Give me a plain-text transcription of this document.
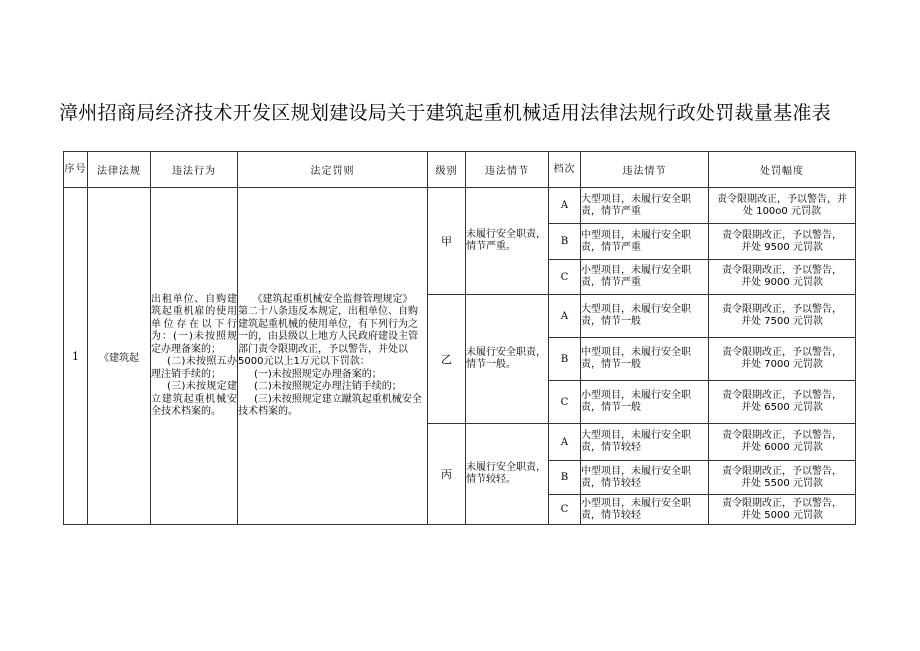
漳州招商局经济技术开发区规划建设局关于建筑起重机械适用法律法规行政处罚裁量基准表
序号	法律法规	违法行为	法定罚则	级别	违法情节	档次	违法情节	处罚幅度
1	《建筑起	出租单位、自购建筑起重机雇的使用单位存在以下行为：(一)未按照规定办理备案的；
(二)未按照五办理注销手续的；
(三)未按规定建立建筑起重机械安全技术档案的。	《建筑起重机械安全监督管理规定》
第二十八条违反本规定，出租单位、自购建筑起重机械的使用单位，有下列行为之一的，由县级以上地方人民政府建设主管部门责令限期改正，予以警告，并处以5000元以上1万元以下罚款：
(一)未按照规定办理备案的；
(二)未按照规定办理注销手续的；
(三)未按照规定建立蹴筑起重机械安全技术档案的。	甲	未履行安全职责，情节严重。	A	大型项目，未履行安全职
责，情节严重	责令限期改正，予以警告，并
处 100o0 元罚款

						B	中型项目，未履行安全职
责，情节严重	责令限期改正，予以警告，
并处 9500 元罚款

						C	小型项目，未履行安全职
责，情节严重	责令限期改正，予以警告，
并处 9000 元罚款

				乙	未履行安全职责，情节一般。	A	大型项目，未履行安全职
责，情节一般	责令限期改正，予以警告，
并处 7500 元罚款

						B	中型项目，未履行安全职
责，情节一般	责令限期改正，予以警告，
并处 7000 元罚款

						C	小型项目，未履行安全职
责，情节一般	责令限期改正，予以警告，
并处 6500 元罚款

				丙	未履行安全职责，情节较轻。	A	大型项目，未履行安全职
责，情节较轻	责令限期改正，予以警告，
并处 6000 元罚款

						B	中型项目，未履行安全职
责，情节较轻	责令限期改正，予以警告，
并处 5500 元罚款

						C	小型项目，未履行安全职
责，情节较轻	责令限期改正，予以警告，
并处 5000 元罚款
